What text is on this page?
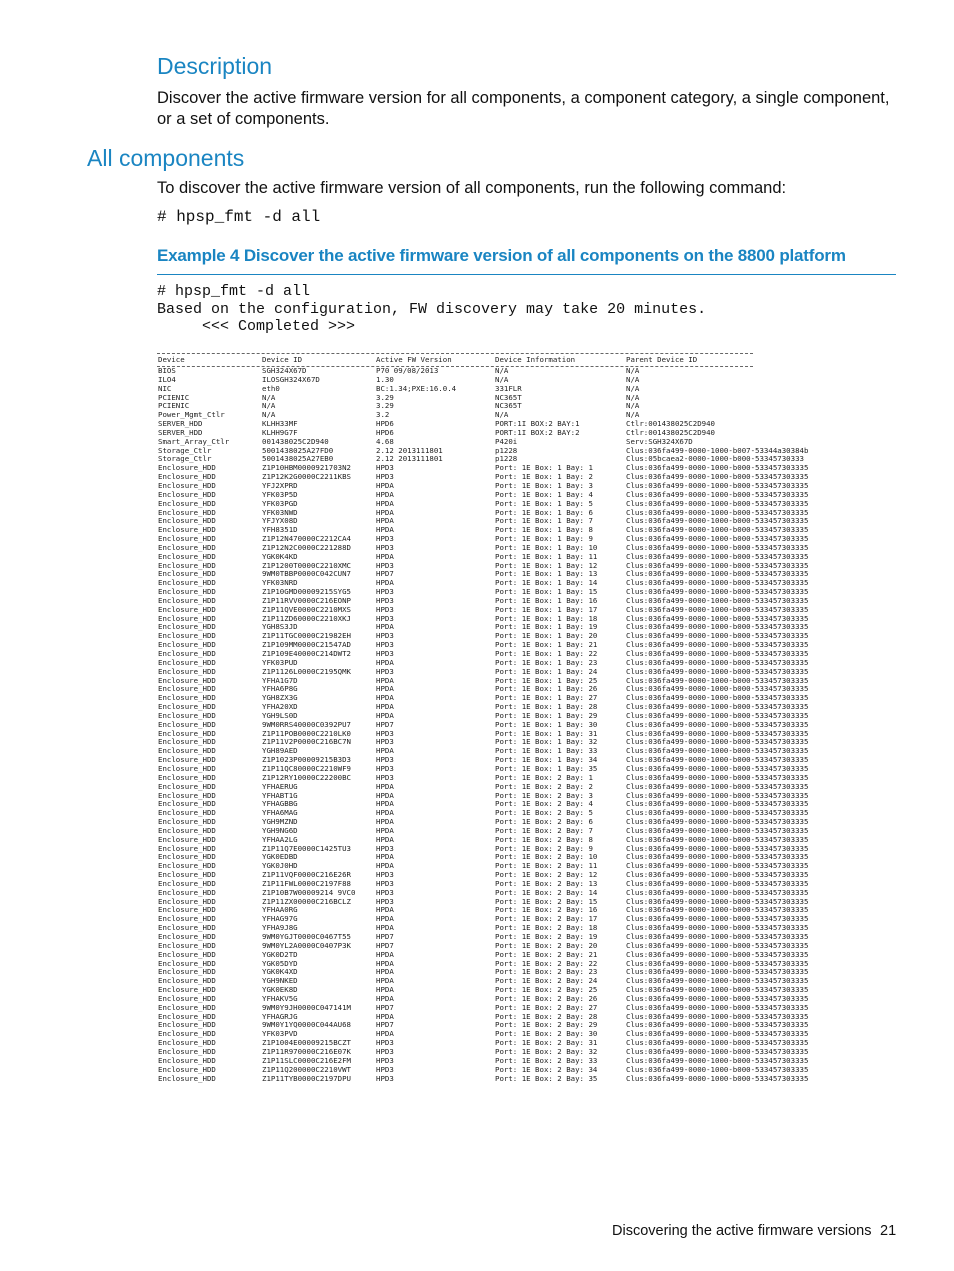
Description

Discover the active firmware version for all components, a component category, a single component, or a set of components.

All components

To discover the active firmware version of all components, run the following command:

# hpsp_fmt -d all
Example 4 Discover the active firmware version of all components on the 8800 platform
# hpsp_fmt -d all
Based on the configuration, FW discovery may take 20 minutes.
<<< Completed >>>
Device	Device ID	Active FW Version	Device Information	Parent Device ID
BIOS	SGH324X67D	P70 09/08/2013	N/A	N/A
ILO4	ILOSGH324X67D	1.30	N/A	N/A
NIC	eth0	BC:1.34;PXE:16.0.4	331FLR	N/A
PCIENIC	N/A	3.29	NC365T	N/A
PCIENIC	N/A	3.29	NC365T	N/A
Power_Mgmt_Ctlr	N/A	3.2	N/A	N/A
SERVER_HDD	KLHH33MF	HPD6	PORT:1I BOX:2 BAY:1	Ctlr:001438025C2D940
SERVER_HDD	KLHH9G7F	HPD6	PORT:1I BOX:2 BAY:2	Ctlr:001438025C2D940
Smart_Array_Ctlr	001438025C2D940	4.68	P420i	Serv:SGH324X67D
Storage_Ctlr	5001438025A27FD0	2.12 2013111801	p1228	Clus:036fa499-0000-1000-b007-53344a30384b
Storage_Ctlr	5001438025A27EB0	2.12 2013111801	p1228	Clus:05bcaea2-0000-1000-b000-53345730333
Enclosure_HDD	Z1P10HBM0000921703N2	HPD3	Port: 1E Box: 1 Bay: 1	Clus:036fa499-0000-1000-b000-533457303335
Enclosure_HDD	Z1P12K2G0000C2211KBS	HPD3	Port: 1E Box: 1 Bay: 2	Clus:036fa499-0000-1000-b000-533457303335
Enclosure_HDD	YFJ2XPRD	HPDA	Port: 1E Box: 1 Bay: 3	Clus:036fa499-0000-1000-b000-533457303335
Enclosure_HDD	YFK03P5D	HPDA	Port: 1E Box: 1 Bay: 4	Clus:036fa499-0000-1000-b000-533457303335
Enclosure_HDD	YFK03PGD	HPDA	Port: 1E Box: 1 Bay: 5	Clus:036fa499-0000-1000-b000-533457303335
Enclosure_HDD	YFK03NWD	HPDA	Port: 1E Box: 1 Bay: 6	Clus:036fa499-0000-1000-b000-533457303335
Enclosure_HDD	YFJYX08D	HPDA	Port: 1E Box: 1 Bay: 7	Clus:036fa499-0000-1000-b000-533457303335
Enclosure_HDD	YFH8351D	HPDA	Port: 1E Box: 1 Bay: 8	Clus:036fa499-0000-1000-b000-533457303335
Enclosure_HDD	Z1P12N470000C2212CA4	HPD3	Port: 1E Box: 1 Bay: 9	Clus:036fa499-0000-1000-b000-533457303335
Enclosure_HDD	Z1P12N2C0000C221288D	HPD3	Port: 1E Box: 1 Bay: 10	Clus:036fa499-0000-1000-b000-533457303335
Enclosure_HDD	YGK0K4KD	HPDA	Port: 1E Box: 1 Bay: 11	Clus:036fa499-0000-1000-b000-533457303335
Enclosure_HDD	Z1P1200T0000C2210XMC	HPD3	Port: 1E Box: 1 Bay: 12	Clus:036fa499-0000-1000-b000-533457303335
Enclosure_HDD	9WM0TBBP0000C042CUN7	HPD7	Port: 1E Box: 1 Bay: 13	Clus:036fa499-0000-1000-b000-533457303335
Enclosure_HDD	YFK03NRD	HPDA	Port: 1E Box: 1 Bay: 14	Clus:036fa499-0000-1000-b000-533457303335
Enclosure_HDD	Z1P10GMD00009215SYG5	HPD3	Port: 1E Box: 1 Bay: 15	Clus:036fa499-0000-1000-b000-533457303335
Enclosure_HDD	Z1P11RVV0000C216EONP	HPD3	Port: 1E Box: 1 Bay: 16	Clus:036fa499-0000-1000-b000-533457303335
Enclosure_HDD	Z1P11QVE0000C2210MXS	HPD3	Port: 1E Box: 1 Bay: 17	Clus:036fa499-0000-1000-b000-533457303335
Enclosure_HDD	Z1P11ZD60000C2210XKJ	HPD3	Port: 1E Box: 1 Bay: 18	Clus:036fa499-0000-1000-b000-533457303335
Enclosure_HDD	YGH8S3JD	HPDA	Port: 1E Box: 1 Bay: 19	Clus:036fa499-0000-1000-b000-533457303335
Enclosure_HDD	Z1P11TGC0000C21982EH	HPD3	Port: 1E Box: 1 Bay: 20	Clus:036fa499-0000-1000-b000-533457303335
Enclosure_HDD	Z1P109MM0000C21547AD	HPD3	Port: 1E Box: 1 Bay: 21	Clus:036fa499-0000-1000-b000-533457303335
Enclosure_HDD	Z1P109E40000C214DWT2	HPD3	Port: 1E Box: 1 Bay: 22	Clus:036fa499-0000-1000-b000-533457303335
Enclosure_HDD	YFK03PUD	HPDA	Port: 1E Box: 1 Bay: 23	Clus:036fa499-0000-1000-b000-533457303335
Enclosure_HDD	Z1P1126L0000C2195QMK	HPD3	Port: 1E Box: 1 Bay: 24	Clus:036fa499-0000-1000-b000-533457303335
Enclosure_HDD	YFHA1G7D	HPDA	Port: 1E Box: 1 Bay: 25	Clus:036fa499-0000-1000-b000-533457303335
Enclosure_HDD	YFHA6P8G	HPDA	Port: 1E Box: 1 Bay: 26	Clus:036fa499-0000-1000-b000-533457303335
Enclosure_HDD	YGH8ZX3G	HPDA	Port: 1E Box: 1 Bay: 27	Clus:036fa499-0000-1000-b000-533457303335
Enclosure_HDD	YFHA20XD	HPDA	Port: 1E Box: 1 Bay: 28	Clus:036fa499-0000-1000-b000-533457303335
Enclosure_HDD	YGH9LS0D	HPDA	Port: 1E Box: 1 Bay: 29	Clus:036fa499-0000-1000-b000-533457303335
Enclosure_HDD	9WM0RRS40000C0392PU7	HPD7	Port: 1E Box: 1 Bay: 30	Clus:036fa499-0000-1000-b000-533457303335
Enclosure_HDD	Z1P11POB0000C2210LK0	HPD3	Port: 1E Box: 1 Bay: 31	Clus:036fa499-0000-1000-b000-533457303335
Enclosure_HDD	Z1P11V2P0000C216BC7N	HPD3	Port: 1E Box: 1 Bay: 32	Clus:036fa499-0000-1000-b000-533457303335
Enclosure_HDD	YGH89AED	HPDA	Port: 1E Box: 1 Bay: 33	Clus:036fa499-0000-1000-b000-533457303335
Enclosure_HDD	Z1P1023P00009215B3D3	HPD3	Port: 1E Box: 1 Bay: 34	Clus:036fa499-0000-1000-b000-533457303335
Enclosure_HDD	Z1P11QC80000C2210WF9	HPD3	Port: 1E Box: 1 Bay: 35	Clus:036fa499-0000-1000-b000-533457303335
Enclosure_HDD	Z1P12RY10000C22200BC	HPD3	Port: 1E Box: 2 Bay: 1	Clus:036fa499-0000-1000-b000-533457303335
Enclosure_HDD	YFHAERUG	HPDA	Port: 1E Box: 2 Bay: 2	Clus:036fa499-0000-1000-b000-533457303335
Enclosure_HDD	YFHABT1G	HPDA	Port: 1E Box: 2 Bay: 3	Clus:036fa499-0000-1000-b000-533457303335
Enclosure_HDD	YFHAGBBG	HPDA	Port: 1E Box: 2 Bay: 4	Clus:036fa499-0000-1000-b000-533457303335
Enclosure_HDD	YFHA6MAG	HPDA	Port: 1E Box: 2 Bay: 5	Clus:036fa499-0000-1000-b000-533457303335
Enclosure_HDD	YGH9MZND	HPDA	Port: 1E Box: 2 Bay: 6	Clus:036fa499-0000-1000-b000-533457303335
Enclosure_HDD	YGH9NG6D	HPDA	Port: 1E Box: 2 Bay: 7	Clus:036fa499-0000-1000-b000-533457303335
Enclosure_HDD	YFHAA2LG	HPDA	Port: 1E Box: 2 Bay: 8	Clus:036fa499-0000-1000-b000-533457303335
Enclosure_HDD	Z1P11Q7E0000C1425TU3	HPD3	Port: 1E Box: 2 Bay: 9	Clus:036fa499-0000-1000-b000-533457303335
Enclosure_HDD	YGK0EDBD	HPDA	Port: 1E Box: 2 Bay: 10	Clus:036fa499-0000-1000-b000-533457303335
Enclosure_HDD	YGK0J0HD	HPDA	Port: 1E Box: 2 Bay: 11	Clus:036fa499-0000-1000-b000-533457303335
Enclosure_HDD	Z1P11VQF0000C216E26R	HPD3	Port: 1E Box: 2 Bay: 12	Clus:036fa499-0000-1000-b000-533457303335
Enclosure_HDD	Z1P11FWL0000C2197F88	HPD3	Port: 1E Box: 2 Bay: 13	Clus:036fa499-0000-1000-b000-533457303335
Enclosure_HDD	Z1P10B7W00009214 9VC0	HPD3	Port: 1E Box: 2 Bay: 14	Clus:036fa499-0000-1000-b000-533457303335
Enclosure_HDD	Z1P11ZX00000C216BCLZ	HPD3	Port: 1E Box: 2 Bay: 15	Clus:036fa499-0000-1000-b000-533457303335
Enclosure_HDD	YFHAA0RG	HPDA	Port: 1E Box: 2 Bay: 16	Clus:036fa499-0000-1000-b000-533457303335
Enclosure_HDD	YFHAG97G	HPDA	Port: 1E Box: 2 Bay: 17	Clus:036fa499-0000-1000-b000-533457303335
Enclosure_HDD	YFHA9J8G	HPDA	Port: 1E Box: 2 Bay: 18	Clus:036fa499-0000-1000-b000-533457303335
Enclosure_HDD	9WM0YGJT0000C0467T55	HPD7	Port: 1E Box: 2 Bay: 19	Clus:036fa499-0000-1000-b000-533457303335
Enclosure_HDD	9WM0YL2A0000C0407P3K	HPD7	Port: 1E Box: 2 Bay: 20	Clus:036fa499-0000-1000-b000-533457303335
Enclosure_HDD	YGK0D2TD	HPDA	Port: 1E Box: 2 Bay: 21	Clus:036fa499-0000-1000-b000-533457303335
Enclosure_HDD	YGK05DYD	HPDA	Port: 1E Box: 2 Bay: 22	Clus:036fa499-0000-1000-b000-533457303335
Enclosure_HDD	YGK0K4XD	HPDA	Port: 1E Box: 2 Bay: 23	Clus:036fa499-0000-1000-b000-533457303335
Enclosure_HDD	YGH9NKED	HPDA	Port: 1E Box: 2 Bay: 24	Clus:036fa499-0000-1000-b000-533457303335
Enclosure_HDD	YGK0EK8D	HPDA	Port: 1E Box: 2 Bay: 25	Clus:036fa499-0000-1000-b000-533457303335
Enclosure_HDD	YFHAKV5G	HPDA	Port: 1E Box: 2 Bay: 26	Clus:036fa499-0000-1000-b000-533457303335
Enclosure_HDD	9WM0Y9JH0000C047141M	HPD7	Port: 1E Box: 2 Bay: 27	Clus:036fa499-0000-1000-b000-533457303335
Enclosure_HDD	YFHAGRJG	HPDA	Port: 1E Box: 2 Bay: 28	Clus:036fa499-0000-1000-b000-533457303335
Enclosure_HDD	9WM0Y1YQ0000C044AU68	HPD7	Port: 1E Box: 2 Bay: 29	Clus:036fa499-0000-1000-b000-533457303335
Enclosure_HDD	YFK03PVD	HPDA	Port: 1E Box: 2 Bay: 30	Clus:036fa499-0000-1000-b000-533457303335
Enclosure_HDD	Z1P1004E00009215BCZT	HPD3	Port: 1E Box: 2 Bay: 31	Clus:036fa499-0000-1000-b000-533457303335
Enclosure_HDD	Z1P11R970000C216E07K	HPD3	Port: 1E Box: 2 Bay: 32	Clus:036fa499-0000-1000-b000-533457303335
Enclosure_HDD	Z1P11SLC0000C216E2FM	HPD3	Port: 1E Box: 2 Bay: 33	Clus:036fa499-0000-1000-b000-533457303335
Enclosure_HDD	Z1P11Q200000C2210VWT	HPD3	Port: 1E Box: 2 Bay: 34	Clus:036fa499-0000-1000-b000-533457303335
Enclosure_HDD	Z1P11TYB0000C2197DPU	HPD3	Port: 1E Box: 2 Bay: 35	Clus:036fa499-0000-1000-b000-533457303335
Discovering the active firmware versions 21
